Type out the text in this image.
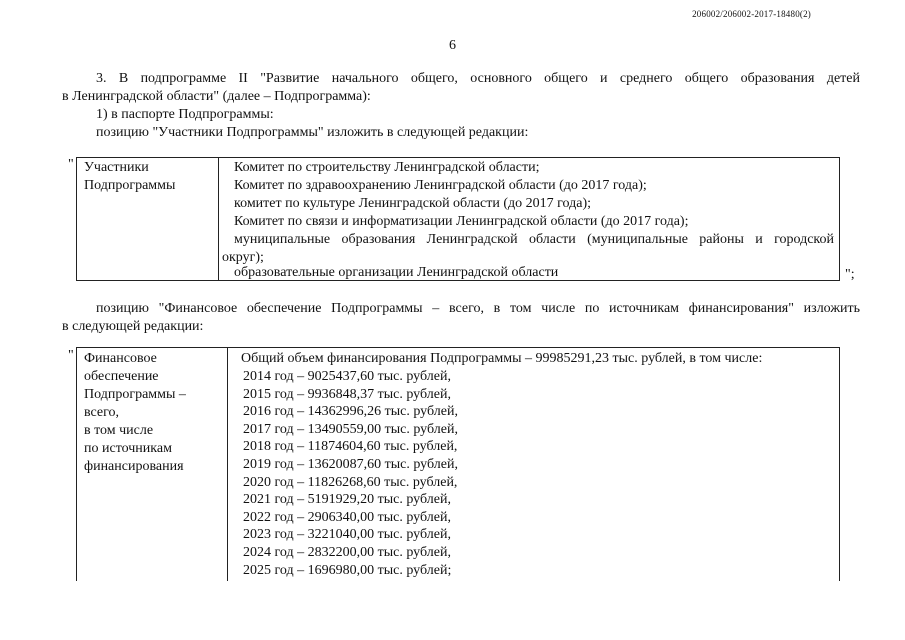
206002/206002-2017-18480(2)
6
3. В подпрограмме II "Развитие начального общего, основного общего и среднего общего образования детей
в Ленинградской области" (далее – Подпрограмма):
1) в паспорте Подпрограммы:
позицию "Участники Подпрограммы" изложить в следующей редакции:
" Участники
Подпрограммы
Комитет по строительству Ленинградской области;
Комитет по здравоохранению Ленинградской области (до 2017 года);
комитет по культуре Ленинградской области (до 2017 года);
Комитет по связи и информатизации Ленинградской области (до 2017 года);
муниципальные образования Ленинградской области (муниципальные районы и городской
округ);
образовательные организации Ленинградской области	";
позицию "Финансовое обеспечение Подпрограммы – всего, в том числе по источникам финансирования" изложить
в следующей редакции:
" Финансовое
обеспечение
Подпрограммы –
всего,
в том числе
по источникам
финансирования
Общий объем финансирования Подпрограммы – 99985291,23 тыс. рублей, в том числе:
2014 год – 9025437,60 тыс. рублей,
2015 год – 9936848,37 тыс. рублей,
2016 год – 14362996,26 тыс. рублей,
2017 год – 13490559,00 тыс. рублей,
2018 год – 11874604,60 тыс. рублей,
2019 год – 13620087,60 тыс. рублей,
2020 год – 11826268,60 тыс. рублей,
2021 год – 5191929,20 тыс. рублей,
2022 год – 2906340,00 тыс. рублей,
2023 год – 3221040,00 тыс. рублей,
2024 год – 2832200,00 тыс. рублей,
2025 год – 1696980,00 тыс. рублей;
